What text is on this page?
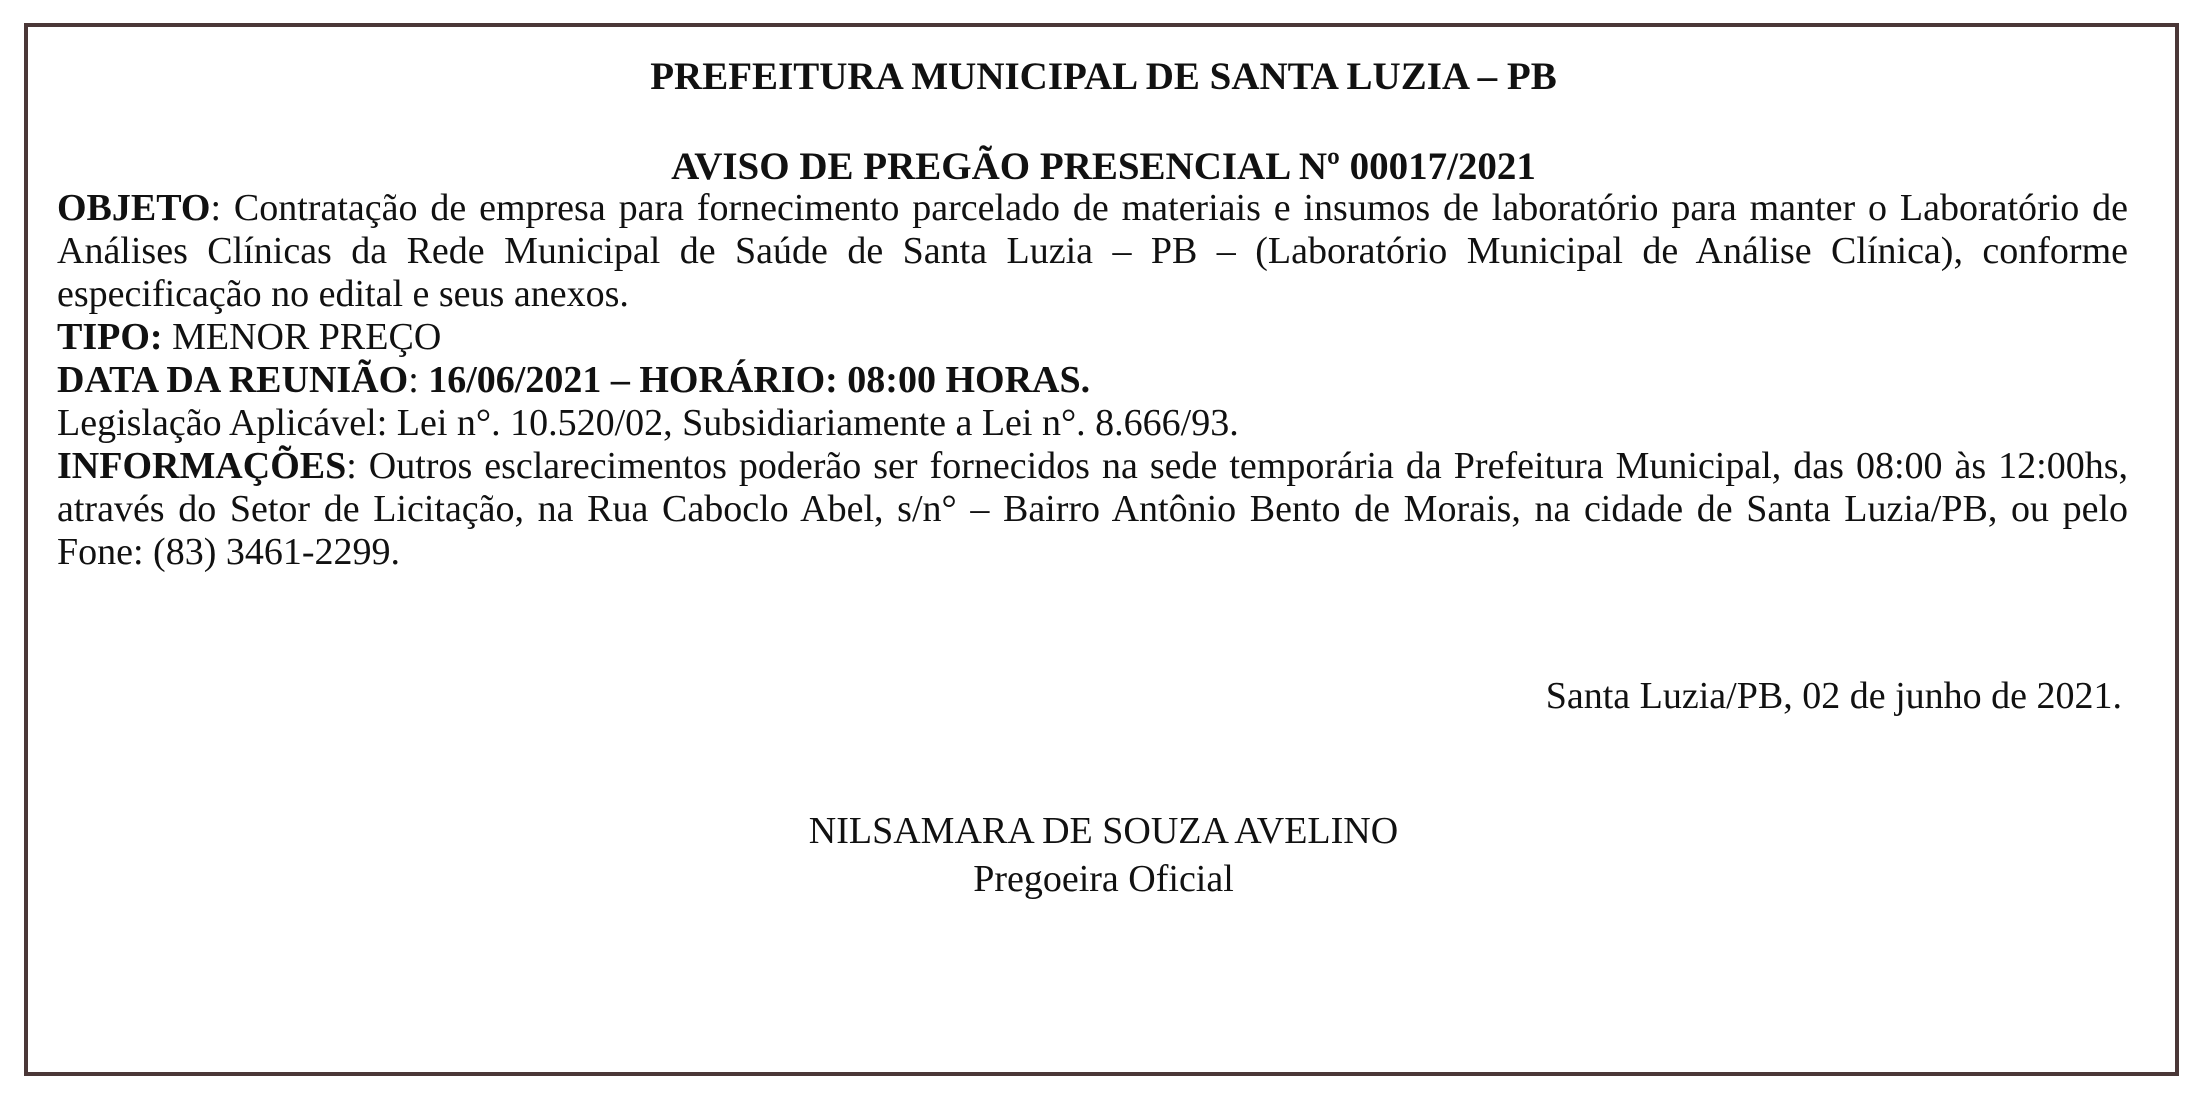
PREFEITURA MUNICIPAL DE SANTA LUZIA – PB

AVISO DE PREGÃO PRESENCIAL Nº 00017/2021

OBJETO: Contratação de empresa para fornecimento parcelado de materiais e insumos de laboratório para manter o Laboratório de Análises Clínicas da Rede Municipal de Saúde de Santa Luzia – PB – (Laboratório Municipal de Análise Clínica), conforme especificação no edital e seus anexos.

TIPO: MENOR PREÇO

DATA DA REUNIÃO: 16/06/2021 – HORÁRIO: 08:00 HORAS.

Legislação Aplicável: Lei n°. 10.520/02, Subsidiariamente a Lei n°. 8.666/93.

INFORMAÇÕES: Outros esclarecimentos poderão ser fornecidos na sede temporária da Prefeitura Municipal, das 08:00 às 12:00hs, através do Setor de Licitação, na Rua Caboclo Abel, s/n° – Bairro Antônio Bento de Morais, na cidade de Santa Luzia/PB, ou pelo Fone: (83) 3461-2299.

Santa Luzia/PB, 02 de junho de 2021.

NILSAMARA DE SOUZA AVELINO

Pregoeira Oficial
